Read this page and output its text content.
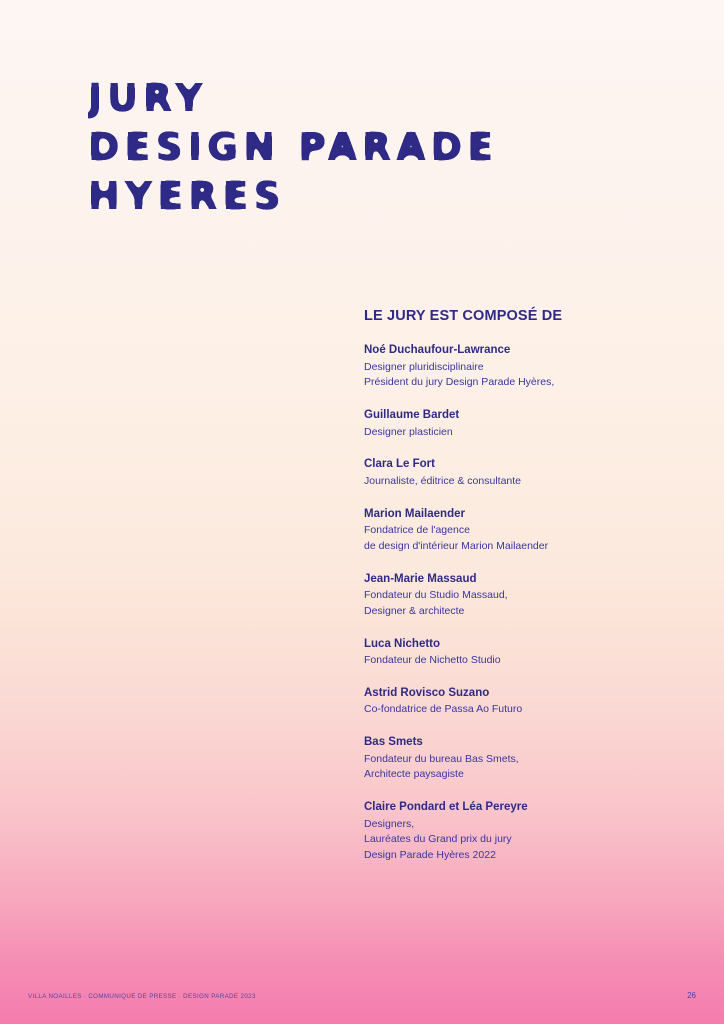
JURY
DESIGN PARADE
HYERES
LE JURY EST COMPOSÉ DE
Noé Duchaufour-Lawrance
Designer pluridisciplinaire
Président du jury Design Parade Hyères,
Guillaume Bardet
Designer plasticien
Clara Le Fort
Journaliste, éditrice & consultante
Marion Mailaender
Fondatrice de l'agence
de design d'intérieur Marion Mailaender
Jean-Marie Massaud
Fondateur du Studio Massaud,
Designer & architecte
Luca Nichetto
Fondateur de Nichetto Studio
Astrid Rovisco Suzano
Co-fondatrice de Passa Ao Futuro
Bas Smets
Fondateur du bureau Bas Smets,
Architecte paysagiste
Claire Pondard et Léa Pereyre
Designers,
Lauréates du Grand prix du jury
Design Parade Hyères 2022
VILLA NOAILLES · COMMUNIQUE DE PRESSE · DESIGN PARADE 2023	26
